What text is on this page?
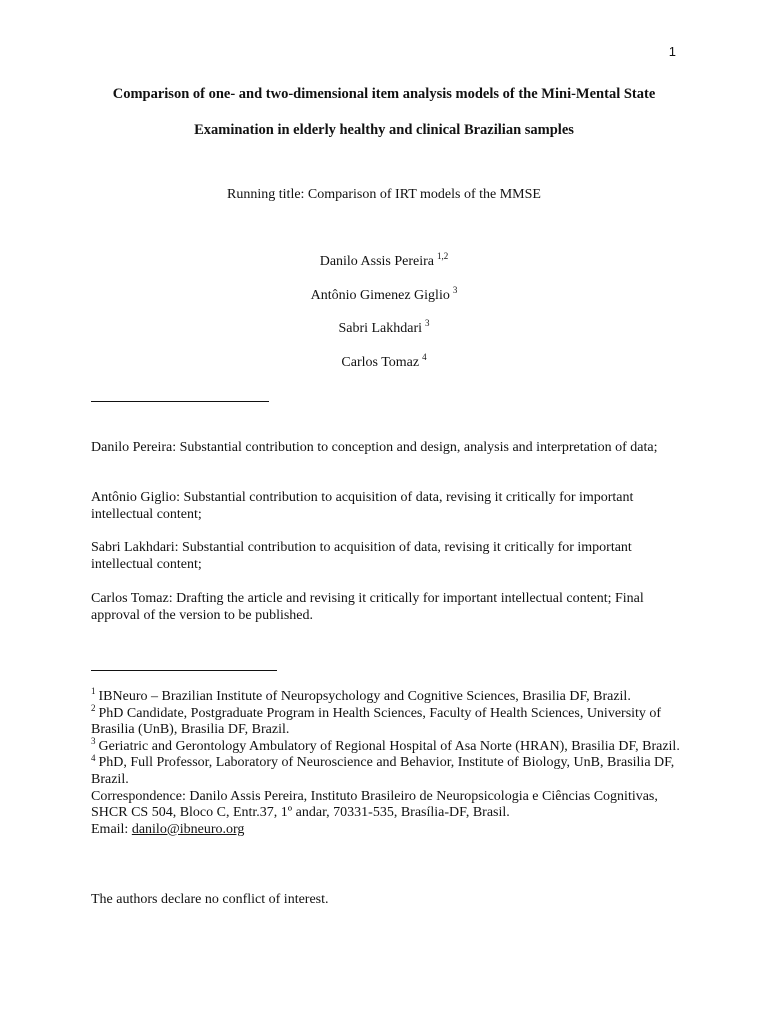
1
Comparison of one- and two-dimensional item analysis models of the Mini-Mental State
Examination in elderly healthy and clinical Brazilian samples
Running title: Comparison of IRT models of the MMSE
Danilo Assis Pereira $^{1,2}$
Antônio Gimenez Giglio $^3$
Sabri Lakhdari $^3$
Carlos Tomaz $^4$
Danilo Pereira: Substantial contribution to conception and design, analysis and interpretation of data;
Antônio Giglio: Substantial contribution to acquisition of data, revising it critically for important intellectual content;
Sabri Lakhdari: Substantial contribution to acquisition of data, revising it critically for important intellectual content;
Carlos Tomaz: Drafting the article and revising it critically for important intellectual content; Final approval of the version to be published.

$^1$ IBNeuro – Brazilian Institute of Neuropsychology and Cognitive Sciences, Brasilia DF, Brazil.

$^2$ PhD Candidate, Postgraduate Program in Health Sciences, Faculty of Health Sciences, University of Brasilia (UnB), Brasilia DF, Brazil.

$^3$ Geriatric and Gerontology Ambulatory of Regional Hospital of Asa Norte (HRAN), Brasilia DF, Brazil.

$^4$ PhD, Full Professor, Laboratory of Neuroscience and Behavior, Institute of Biology, UnB, Brasilia DF, Brazil.

Correspondence: Danilo Assis Pereira, Instituto Brasileiro de Neuropsicologia e Ciências Cognitivas, SHCR CS 504, Bloco C, Entr.37, 1º andar, 70331-535, Brasília-DF, Brasil.

Email: danilo@ibneuro.org

The authors declare no conflict of interest.
